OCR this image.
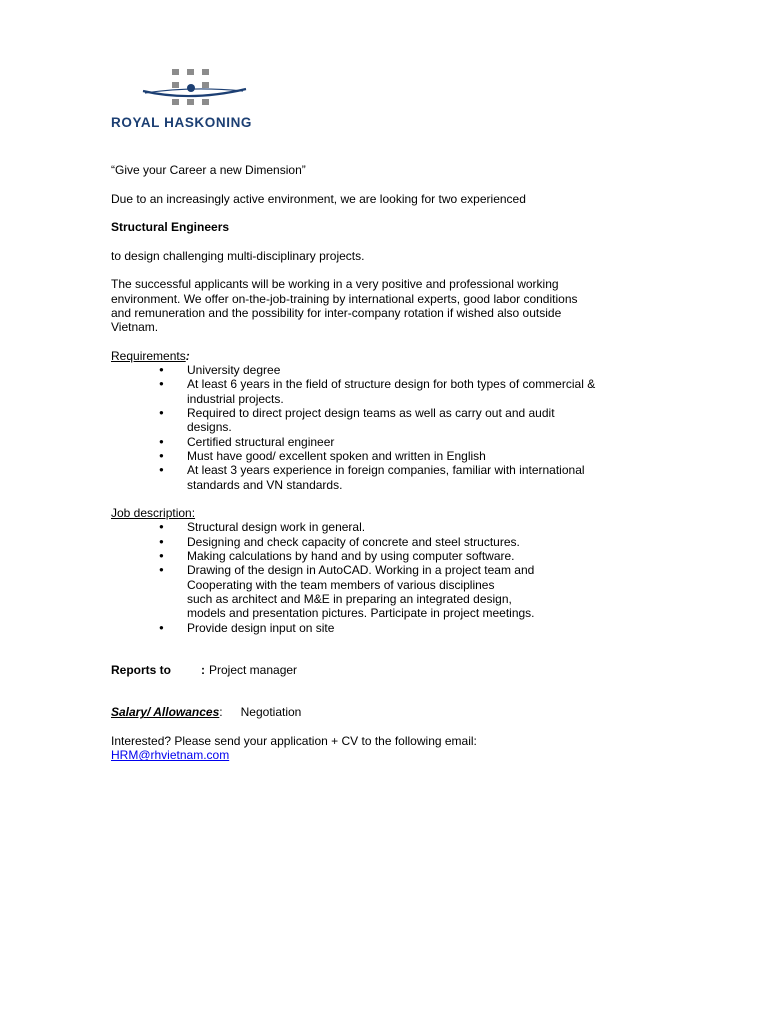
ROYAL HASKONING

“Give your Career a new Dimension”

Due to an increasingly active environment, we are looking for two experienced

Structural Engineers

to design challenging multi-disciplinary projects.

The successful applicants will be working in a very positive and professional working

environment. We offer on-the-job-training by international experts, good labor conditions

and remuneration and the possibility for inter-company rotation if wished also outside

Vietnam.

Requirements:

● University degree
● At least 6 years in the field of structure design for both types of commercial &
industrial projects.
● Required to direct project design teams as well as carry out and audit
designs.
● Certified structural engineer
● Must have good/ excellent spoken and written in English
● At least 3 years experience in foreign companies, familiar with international
standards and VN standards.

Job description:

● Structural design work in general.
● Designing and check capacity of concrete and steel structures.
● Making calculations by hand and by using computer software.
● Drawing of the design in AutoCAD. Working in a project team and
Cooperating with the team members of various disciplines
such as architect and M&E in preparing an integrated design,
models and presentation pictures. Participate in project meetings.
● Provide design input on site

Reports to	: Project manager

Salary/ Allowances: Negotiation

Interested? Please send your application + CV to the following email:

HRM@rhvietnam.com
